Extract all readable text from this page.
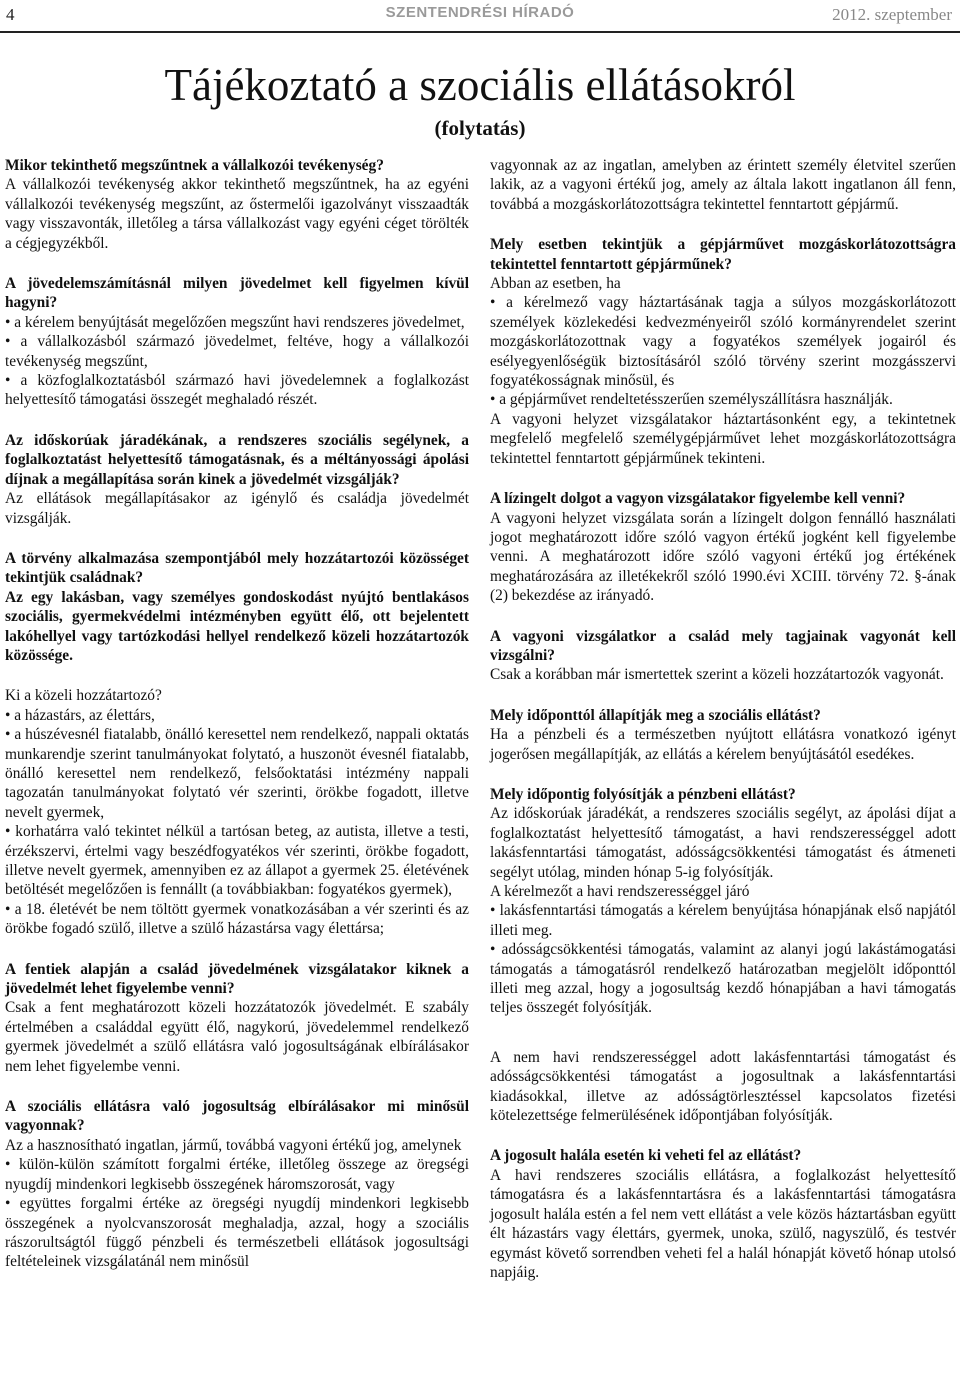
4	SZENTENDRÉSI HÍRADÓ	2012. szeptember
Tájékoztató a szociális ellátásokról
(folytatás)

Mikor tekinthető megszűntnek a vállalkozói tevékenység?

A vállalkozói tevékenység akkor tekinthető megszűntnek, ha az egyéni vállalkozói tevékenység megszűnt, az őstermelői igazolványt visszaadták vagy visszavonták, illetőleg a társa vállalkozást vagy egyéni céget törölték a cégjegyzékből.

A jövedelemszámításnál milyen jövedelmet kell figyelmen kívül hagyni?

• a kérelem benyújtását megelőzően megszűnt havi rendszeres jövedelmet,

• a vállalkozásból származó jövedelmet, feltéve, hogy a vállalkozói tevékenység megszűnt,

• a közfoglalkoztatásból származó havi jövedelemnek a foglalkozást helyettesítő támogatási összegét meghaladó részét.

Az időskorúak járadékának, a rendszeres szociális segélynek, a foglalkoztatást helyettesítő támogatásnak, és a méltányossági ápolási díjnak a megállapítása során kinek a jövedelmét vizsgálják?

Az ellátások megállapításakor az igénylő és családja jövedelmét vizsgálják.

A törvény alkalmazása szempontjából mely hozzátartozói közösséget tekintjük családnak?

Az egy lakásban, vagy személyes gondoskodást nyújtó bentlakásos szociális, gyermekvédelmi intézményben együtt élő, ott bejelentett lakóhellyel vagy tartózkodási hellyel rendelkező közeli hozzátartozók közössége.

Ki a közeli hozzátartozó?

• a házastárs, az élettárs,

• a húszévesnél fiatalabb, önálló keresettel nem rendelkező, nappali oktatás munkarendje szerint tanulmányokat folytató, a huszonöt évesnél fiatalabb, önálló keresettel nem rendelkező, felsőoktatási intézmény nappali tagozatán tanulmányokat folytató vér szerinti, örökbe fogadott, illetve nevelt gyermek,

• korhatárra való tekintet nélkül a tartósan beteg, az autista, illetve a testi, érzékszervi, értelmi vagy beszédfogyatékos vér szerinti, örökbe fogadott, illetve nevelt gyermek, amennyiben ez az állapot a gyermek 25. életévének betöltését megelőzően is fennállt (a továbbiakban: fogyatékos gyermek),

• a 18. életévét be nem töltött gyermek vonatkozásában a vér szerinti és az örökbe fogadó szülő, illetve a szülő házastársa vagy élettársa;

A fentiek alapján a család jövedelmének vizsgálatakor kiknek a jövedelmét lehet figyelembe venni?

Csak a fent meghatározott közeli hozzátatozók jövedelmét. E szabály értelmében a családdal együtt élő, nagykorú, jövedelemmel rendelkező gyermek jövedelmét a szülő ellátásra való jogosultságának elbírálásakor nem lehet figyelembe venni.

A szociális ellátásra való jogosultság elbírálásakor mi minősül vagyonnak?

Az a hasznosítható ingatlan, jármű, továbbá vagyoni értékű jog, amelynek

• külön-külön számított forgalmi értéke, illetőleg összege az öregségi nyugdíj mindenkori legkisebb összegének háromszorosát, vagy

• együttes forgalmi értéke az öregségi nyugdíj mindenkori legkisebb összegének a nyolcvanszorosát meghaladja, azzal, hogy a szociális rászorultságtól függő pénzbeli és természetbeli ellátások jogosultsági feltételeinek vizsgálatánál nem minősül

vagyonnak az az ingatlan, amelyben az érintett személy életvitel szerűen lakik, az a vagyoni értékű jog, amely az általa lakott ingatlanon áll fenn, továbbá a mozgáskorlátozottságra tekintettel fenntartott gépjármű.

Mely esetben tekintjük a gépjárművet mozgáskorlátozottságra tekintettel fenntartott gépjárműnek?

Abban az esetben, ha

• a kérelmező vagy háztartásának tagja a súlyos mozgáskorlátozott személyek közlekedési kedvezményeiről szóló kormányrendelet szerint mozgáskorlátozottnak vagy a fogyatékos személyek jogairól és esélyegyenlőségük biztosításáról szóló törvény szerint mozgásszervi fogyatékosságnak minősül, és

• a gépjárművet rendeltetésszerűen személyszállításra használják.

A vagyoni helyzet vizsgálatakor háztartásonként egy, a tekintetnek megfelelő megfelelő személygépjárművet lehet mozgáskorlátozottságra tekintettel fenntartott gépjárműnek tekinteni.

A lízingelt dolgot a vagyon vizsgálatakor figyelembe kell venni?

A vagyoni helyzet vizsgálata során a lízingelt dolgon fennálló használati jogot meghatározott időre szóló vagyon értékű jogként kell figyelembe venni. A meghatározott időre szóló vagyoni értékű jog értékének meghatározására az illetékekről szóló 1990.évi XCIII. törvény 72. §-ának (2) bekezdése az irányadó.

A vagyoni vizsgálatkor a család mely tagjainak vagyonát kell vizsgálni?

Csak a korábban már ismertettek szerint a közeli hozzátartozók vagyonát.

Mely időponttól állapítják meg a szociális ellátást?

Ha a pénzbeli és a természetben nyújtott ellátásra vonatkozó igényt jogerősen megállapítják, az ellátás a kérelem benyújtásától esedékes.

Mely időpontig folyósítják a pénzbeni ellátást?

Az időskorúak járadékát, a rendszeres szociális segélyt, az ápolási díjat a foglalkoztatást helyettesítő támogatást, a havi rendszerességgel adott lakásfenntartási támogatást, adósságcsökkentési támogatást és átmeneti segélyt utólag, minden hónap 5-ig folyósítják.

A kérelmezőt a havi rendszerességgel járó

• lakásfenntartási támogatás a kérelem benyújtása hónapjának első napjától illeti meg.

• adósságcsökkentési támogatás, valamint az alanyi jogú lakástámogatási támogatás a támogatásról rendelkező határozatban megjelölt időponttól illeti meg azzal, hogy a jogosultság kezdő hónapjában a havi támogatás teljes összegét folyósítják.

A nem havi rendszerességgel adott lakásfenntartási támogatást és adósságcsökkentési támogatást a jogosultnak a lakásfenntartási kiadásokkal, illetve az adósságtörlesztéssel kapcsolatos fizetési kötelezettsége felmerülésének időpontjában folyósítják.

A jogosult halála esetén ki veheti fel az ellátást?

A havi rendszeres szociális ellátásra, a foglalkozást helyettesítő támogatásra és a lakásfenntartásra és a lakásfenntartási támogatásra jogosult halála estén a fel nem vett ellátást a vele közös háztartásban együtt élt házastárs vagy élettárs, gyermek, unoka, szülő, nagyszülő, és testvér egymást követő sorrendben veheti fel a halál hónapját követő hónap utolsó napjáig.
